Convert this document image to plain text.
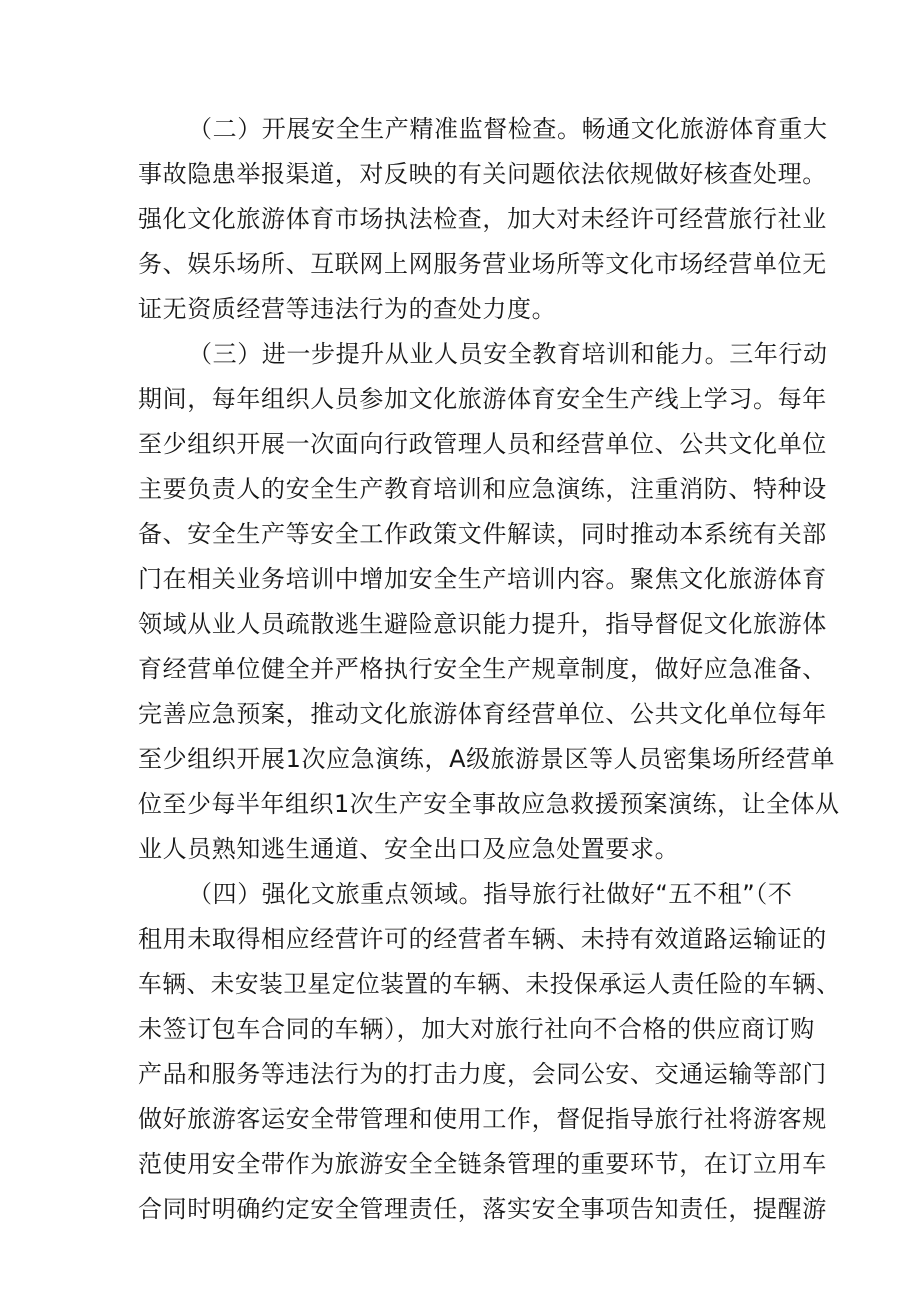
（二）开展安全生产精准监督检查。畅通文化旅游体育重大
事故隐患举报渠道，对反映的有关问题依法依规做好核查处理。
强化文化旅游体育市场执法检查，加大对未经许可经营旅行社业
务、娱乐场所、互联网上网服务营业场所等文化市场经营单位无
证无资质经营等违法行为的查处力度。
（三）进一步提升从业人员安全教育培训和能力。三年行动
期间，每年组织人员参加文化旅游体育安全生产线上学习。每年
至少组织开展一次面向行政管理人员和经营单位、公共文化单位
主要负责人的安全生产教育培训和应急演练，注重消防、特种设
备、安全生产等安全工作政策文件解读，同时推动本系统有关部
门在相关业务培训中增加安全生产培训内容。聚焦文化旅游体育
领域从业人员疏散逃生避险意识能力提升，指导督促文化旅游体
育经营单位健全并严格执行安全生产规章制度，做好应急准备、
完善应急预案，推动文化旅游体育经营单位、公共文化单位每年
至少组织开展1次应急演练，A级旅游景区等人员密集场所经营单
位至少每半年组织1次生产安全事故应急救援预案演练，让全体从
业人员熟知逃生通道、安全出口及应急处置要求。
（四）强化文旅重点领域。指导旅行社做好“五不租”（不
租用未取得相应经营许可的经营者车辆、未持有效道路运输证的
车辆、未安装卫星定位装置的车辆、未投保承运人责任险的车辆、
未签订包车合同的车辆），加大对旅行社向不合格的供应商订购
产品和服务等违法行为的打击力度，会同公安、交通运输等部门
做好旅游客运安全带管理和使用工作，督促指导旅行社将游客规
范使用安全带作为旅游安全全链条管理的重要环节，在订立用车
合同时明确约定安全管理责任，落实安全事项告知责任，提醒游
